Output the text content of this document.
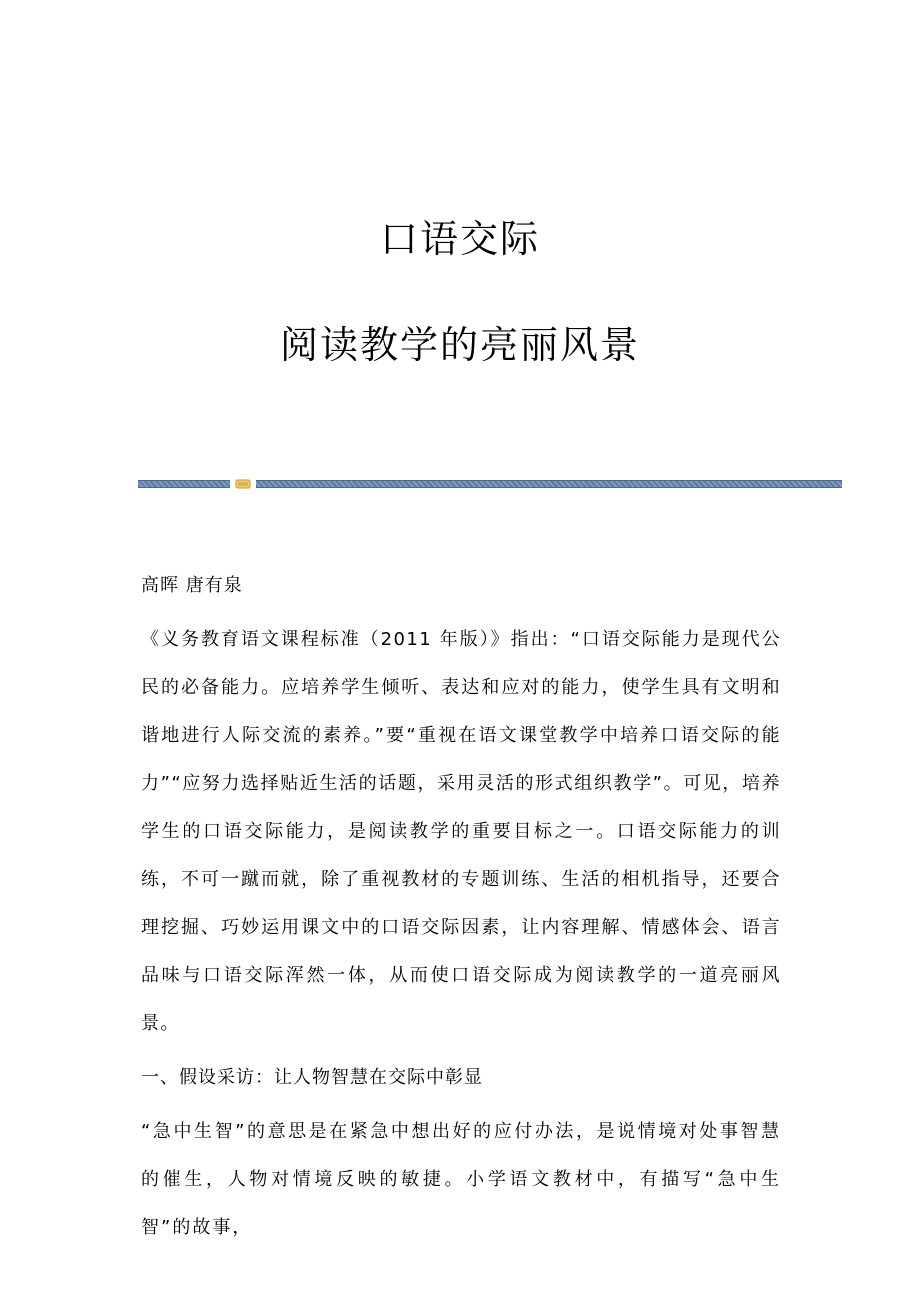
口语交际
阅读教学的亮丽风景

高晖 唐有泉

《义务教育语文课程标准（2011 年版）》指出：“口语交际能力是现代公民的必备能力。应培养学生倾听、表达和应对的能力，使学生具有文明和谐地进行人际交流的素养。”要“重视在语文课堂教学中培养口语交际的能力”“应努力选择贴近生活的话题，采用灵活的形式组织教学”。可见，培养学生的口语交际能力，是阅读教学的重要目标之一。口语交际能力的训练，不可一蹴而就，除了重视教材的专题训练、生活的相机指导，还要合理挖掘、巧妙运用课文中的口语交际因素，让内容理解、情感体会、语言品味与口语交际浑然一体，从而使口语交际成为阅读教学的一道亮丽风景。

一、假设采访：让人物智慧在交际中彰显

“急中生智”的意思是在紧急中想出好的应付办法，是说情境对处事智慧的催生，人物对情境反映的敏捷。小学语文教材中，有描写“急中生智”的故事，
